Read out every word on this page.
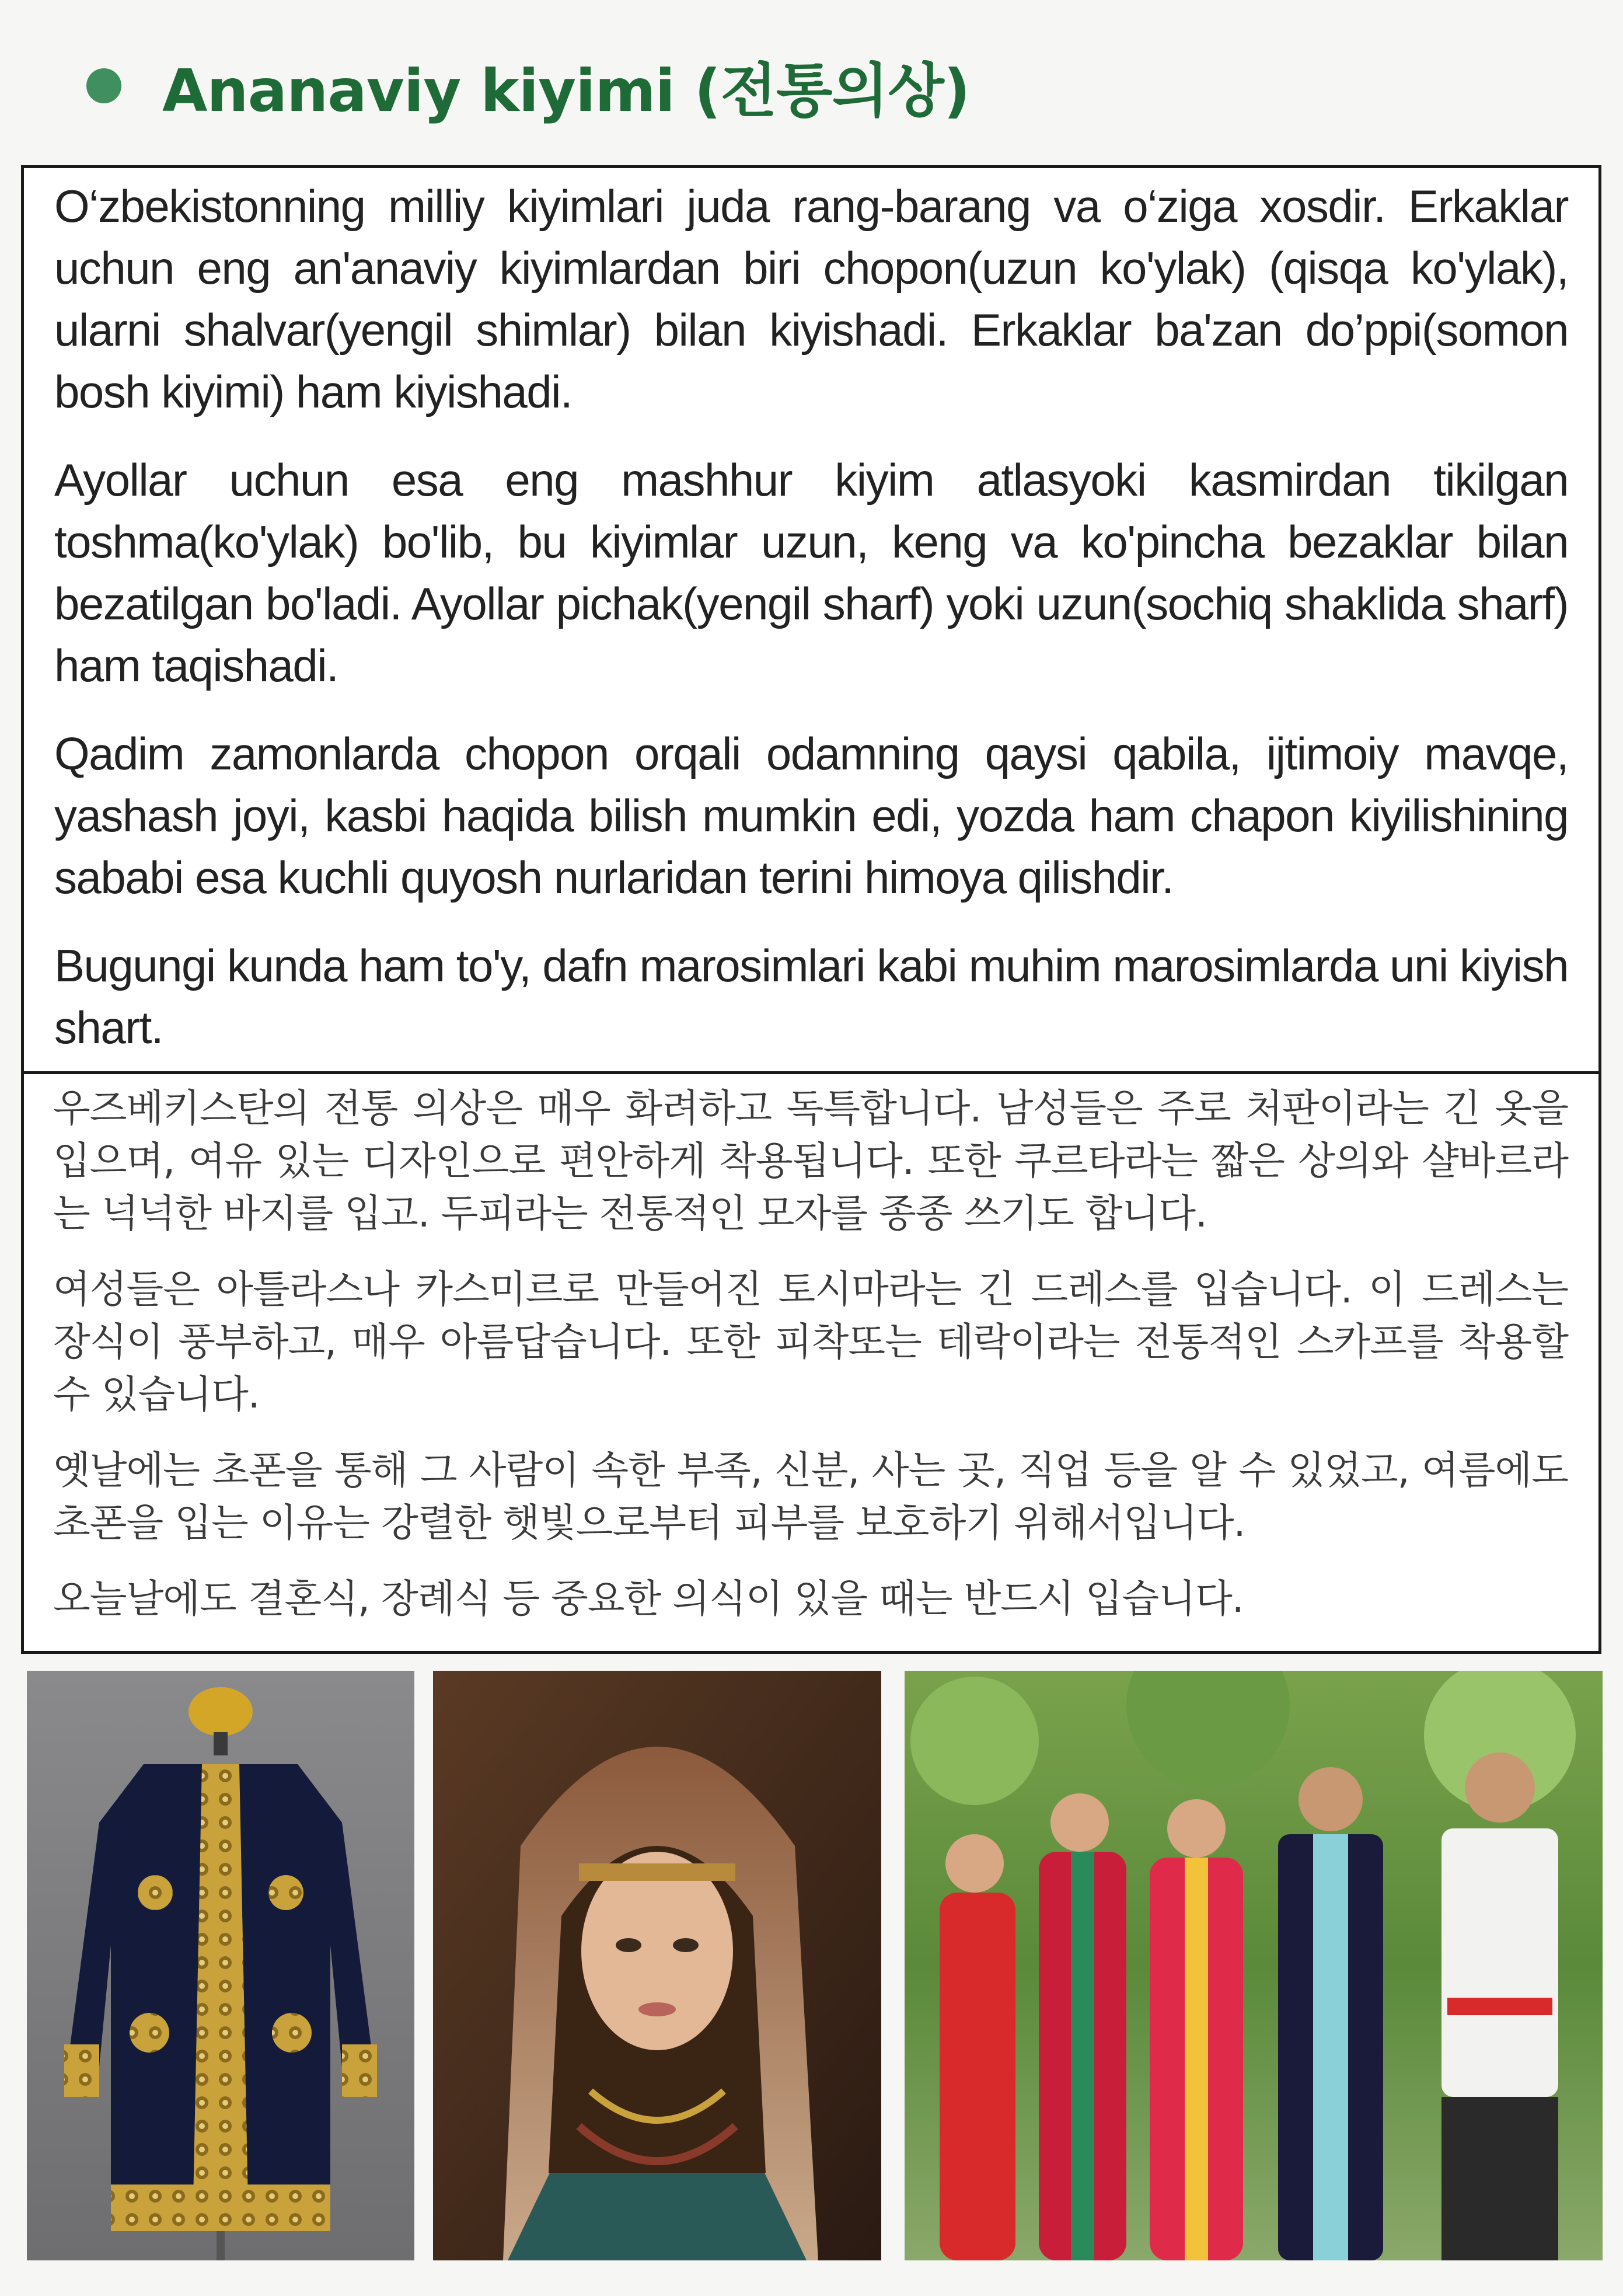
Ananaviy kiyimi (전통의상)

O‘zbekistonning milliy kiyimlari juda rang-barang va o‘ziga xosdir. Erkaklar uchun eng an'anaviy kiyimlardan biri chopon(uzun ko'ylak) (qisqa ko'ylak), ularni shalvar(yengil shimlar) bilan kiyishadi. Erkaklar ba'zan do’ppi(somon bosh kiyimi) ham kiyishadi.

Ayollar uchun esa eng mashhur kiyim atlasyoki kasmirdan tikilgan toshma(ko'ylak) bo'lib, bu kiyimlar uzun, keng va ko'pincha bezaklar bilan bezatilgan bo'ladi. Ayollar pichak(yengil sharf) yoki uzun(sochiq shaklida sharf) ham taqishadi.

Qadim zamonlarda chopon orqali odamning qaysi qabila, ijtimoiy mavqe, yashash joyi, kasbi haqida bilish mumkin edi, yozda ham chapon kiyilishining sababi esa kuchli quyosh nurlaridan terini himoya qilishdir.

Bugungi kunda ham to'y, dafn marosimlari kabi muhim marosimlarda uni kiyish shart.

우즈베키스탄의 전통 의상은 매우 화려하고 독특합니다. 남성들은 주로 처판이라는 긴 옷을 입으며, 여유 있는 디자인으로 편안하게 착용됩니다. 또한 쿠르타라는 짧은 상의와 샬바르라는 넉넉한 바지를 입고. 두피라는 전통적인 모자를 종종 쓰기도 합니다.

여성들은 아틀라스나 카스미르로 만들어진 토시마라는 긴 드레스를 입습니다. 이 드레스는 장식이 풍부하고, 매우 아름답습니다. 또한 피착또는 테락이라는 전통적인 스카프를 착용할 수 있습니다.

옛날에는 초폰을 통해 그 사람이 속한 부족, 신분, 사는 곳, 직업 등을 알 수 있었고, 여름에도 초폰을 입는 이유는 강렬한 햇빛으로부터 피부를 보호하기 위해서입니다.

오늘날에도 결혼식, 장례식 등 중요한 의식이 있을 때는 반드시 입습니다.
